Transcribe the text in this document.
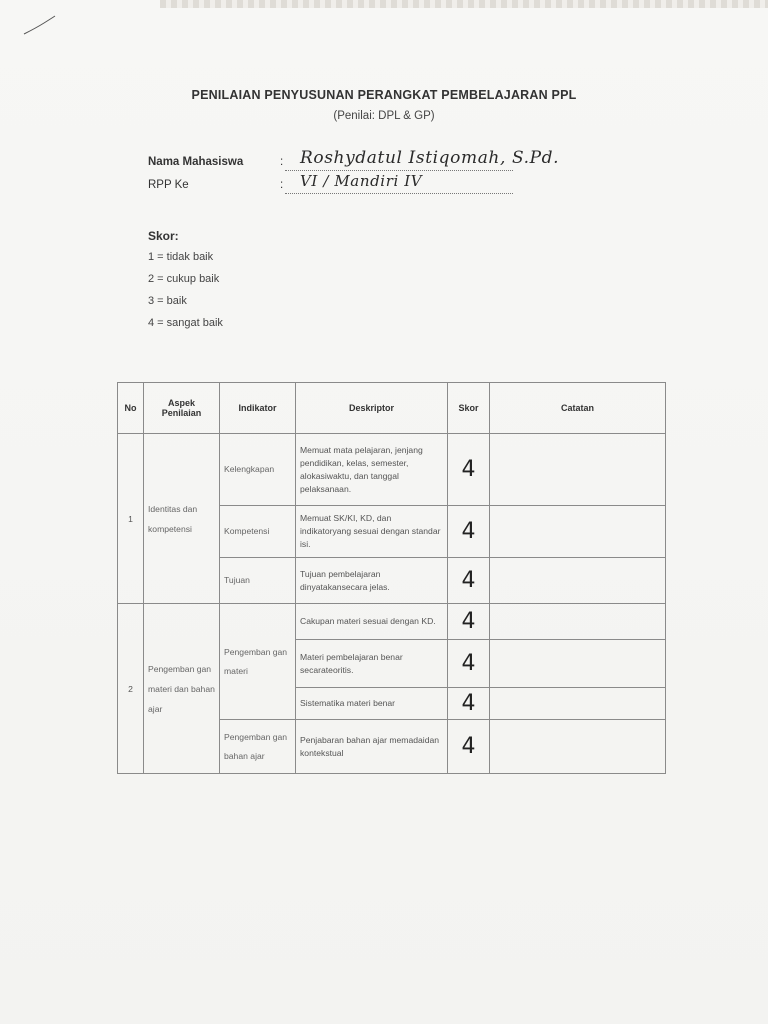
PENILAIAN PENYUSUNAN PERANGKAT PEMBELAJARAN PPL
(Penilai: DPL & GP)
Nama Mahasiswa	: Roshydatul Istiqomah, S.Pd.
RPP Ke	:	VI / Mandiri IV
Skor:
1 = tidak baik
2 = cukup baik
3 = baik
4 = sangat baik
No	Aspek Penilaian	Indikator	Deskriptor	Skor	Catatan
1	Identitas dan kompetensi	Kelengkapan	Memuat mata pelajaran, jenjang pendidikan, kelas, semester, alokasiwaktu, dan tanggal pelaksanaan.	4	
		Kompetensi	Memuat SK/KI, KD, dan indikatoryang sesuai dengan standar isi.	4	
		Tujuan	Tujuan pembelajaran dinyatakansecara jelas.	4	
2	Pengemban gan materi dan bahan ajar	Pengemban gan materi	Cakupan materi sesuai dengan KD.	4	
			Materi pembelajaran benar secarateoritis.	4	
			Sistematika materi benar	4	
		Pengemban gan bahan ajar	Penjabaran bahan ajar memadaidan kontekstual	4	
